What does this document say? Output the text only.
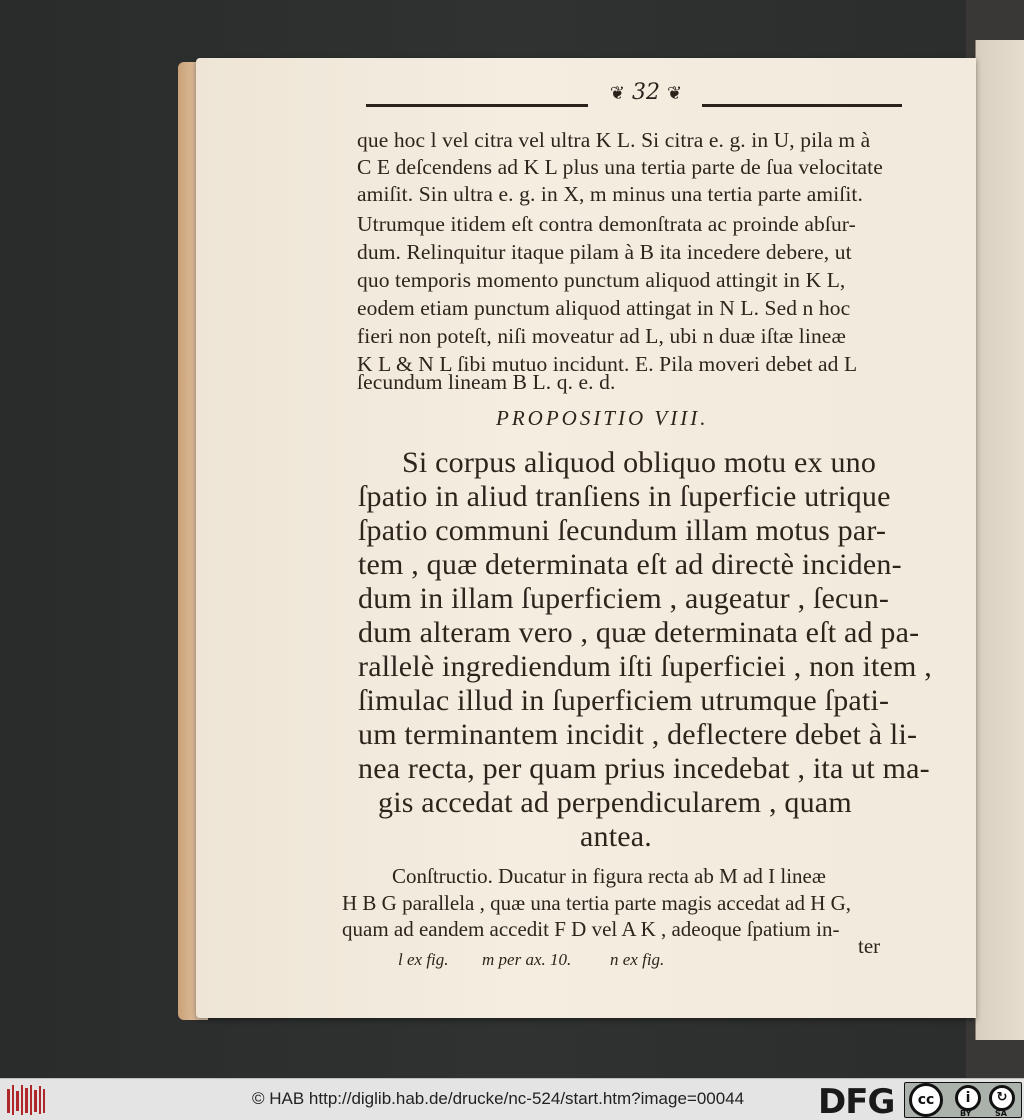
❦ 32 ❦
que hoc l vel citra vel ultra K L. Si citra e. g. in U, pila m à
C E deſcendens ad K L plus una tertia parte de ſua velocitate
amiſit. Sin ultra e. g. in X, m minus una tertia parte amiſit.
Utrumque itidem eſt contra demonſtrata ac proinde abſur-
dum. Relinquitur itaque pilam à B ita incedere debere, ut
quo temporis momento punctum aliquod attingit in K L,
eodem etiam punctum aliquod attingat in N L. Sed n hoc
fieri non poteſt, niſi moveatur ad L, ubi n duæ iſtæ lineæ
K L & N L ſibi mutuo incidunt. E. Pila moveri debet ad L
ſecundum lineam B L. q. e. d.
PROPOSITIO VIII.
Si corpus aliquod obliquo motu ex uno
ſpatio in aliud tranſiens in ſuperficie utrique
ſpatio communi ſecundum illam motus par-
tem , quæ determinata eſt ad directè inciden-
dum in illam ſuperficiem , augeatur , ſecun-
dum alteram vero , quæ determinata eſt ad pa-
rallelè ingrediendum iſti ſuperficiei , non item ,
ſimulac illud in ſuperficiem utrumque ſpati-
um terminantem incidit , deflectere debet à li-
nea recta, per quam prius incedebat , ita ut ma-
gis accedat ad perpendicularem , quam
antea.
Conſtructio. Ducatur in figura recta ab M ad I lineæ
H B G parallela , quæ una tertia parte magis accedat ad H G,
quam ad eandem accedit F D vel A K , adeoque ſpatium in-
ter
l ex fig. m per ax. 10. n ex fig.
© HAB http://diglib.hab.de/drucke/nc-524/start.htm?image=00044 DFG	cc	i	↻
BY	SA
